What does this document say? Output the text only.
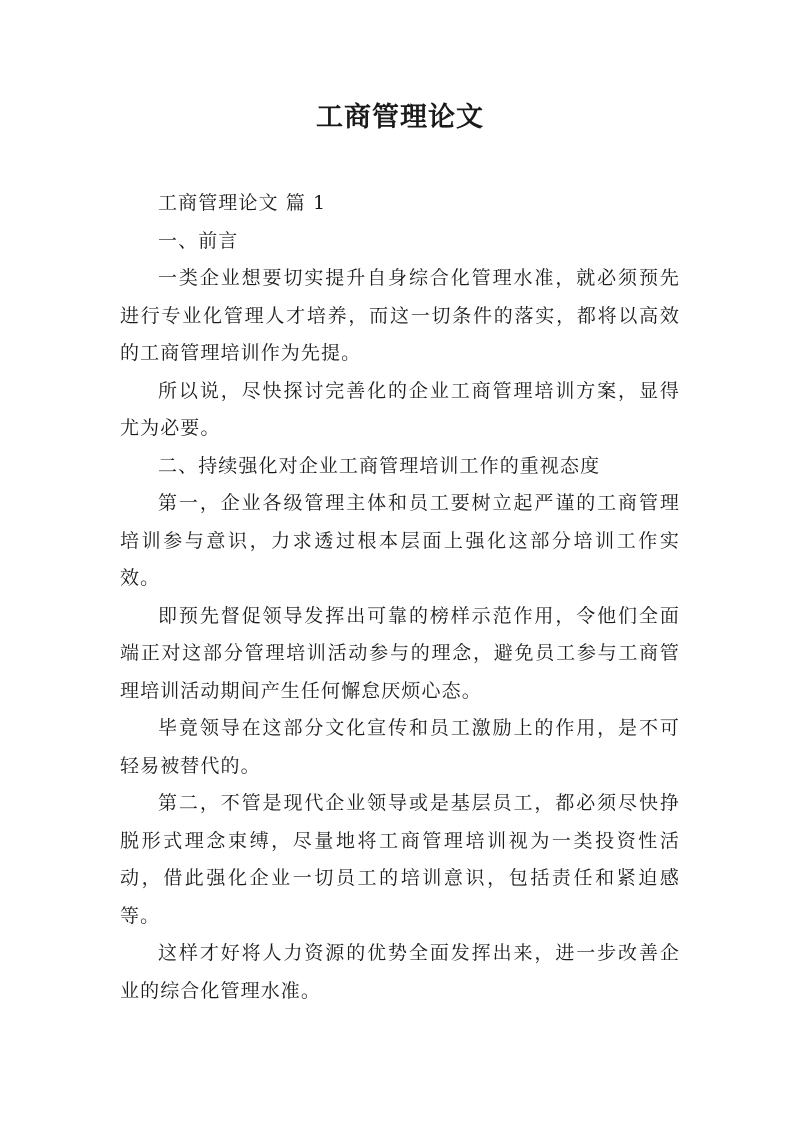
工商管理论文

工商管理论文 篇 1

一、前言

一类企业想要切实提升自身综合化管理水准，就必须预先进行专业化管理人才培养，而这一切条件的落实，都将以高效的工商管理培训作为先提。

所以说，尽快探讨完善化的企业工商管理培训方案，显得尤为必要。

二、持续强化对企业工商管理培训工作的重视态度

第一，企业各级管理主体和员工要树立起严谨的工商管理培训参与意识，力求透过根本层面上强化这部分培训工作实效。

即预先督促领导发挥出可靠的榜样示范作用，令他们全面端正对这部分管理培训活动参与的理念，避免员工参与工商管理培训活动期间产生任何懈怠厌烦心态。

毕竟领导在这部分文化宣传和员工激励上的作用，是不可轻易被替代的。

第二，不管是现代企业领导或是基层员工，都必须尽快挣脱形式理念束缚，尽量地将工商管理培训视为一类投资性活动，借此强化企业一切员工的培训意识，包括责任和紧迫感等。

这样才好将人力资源的优势全面发挥出来，进一步改善企业的综合化管理水准。
